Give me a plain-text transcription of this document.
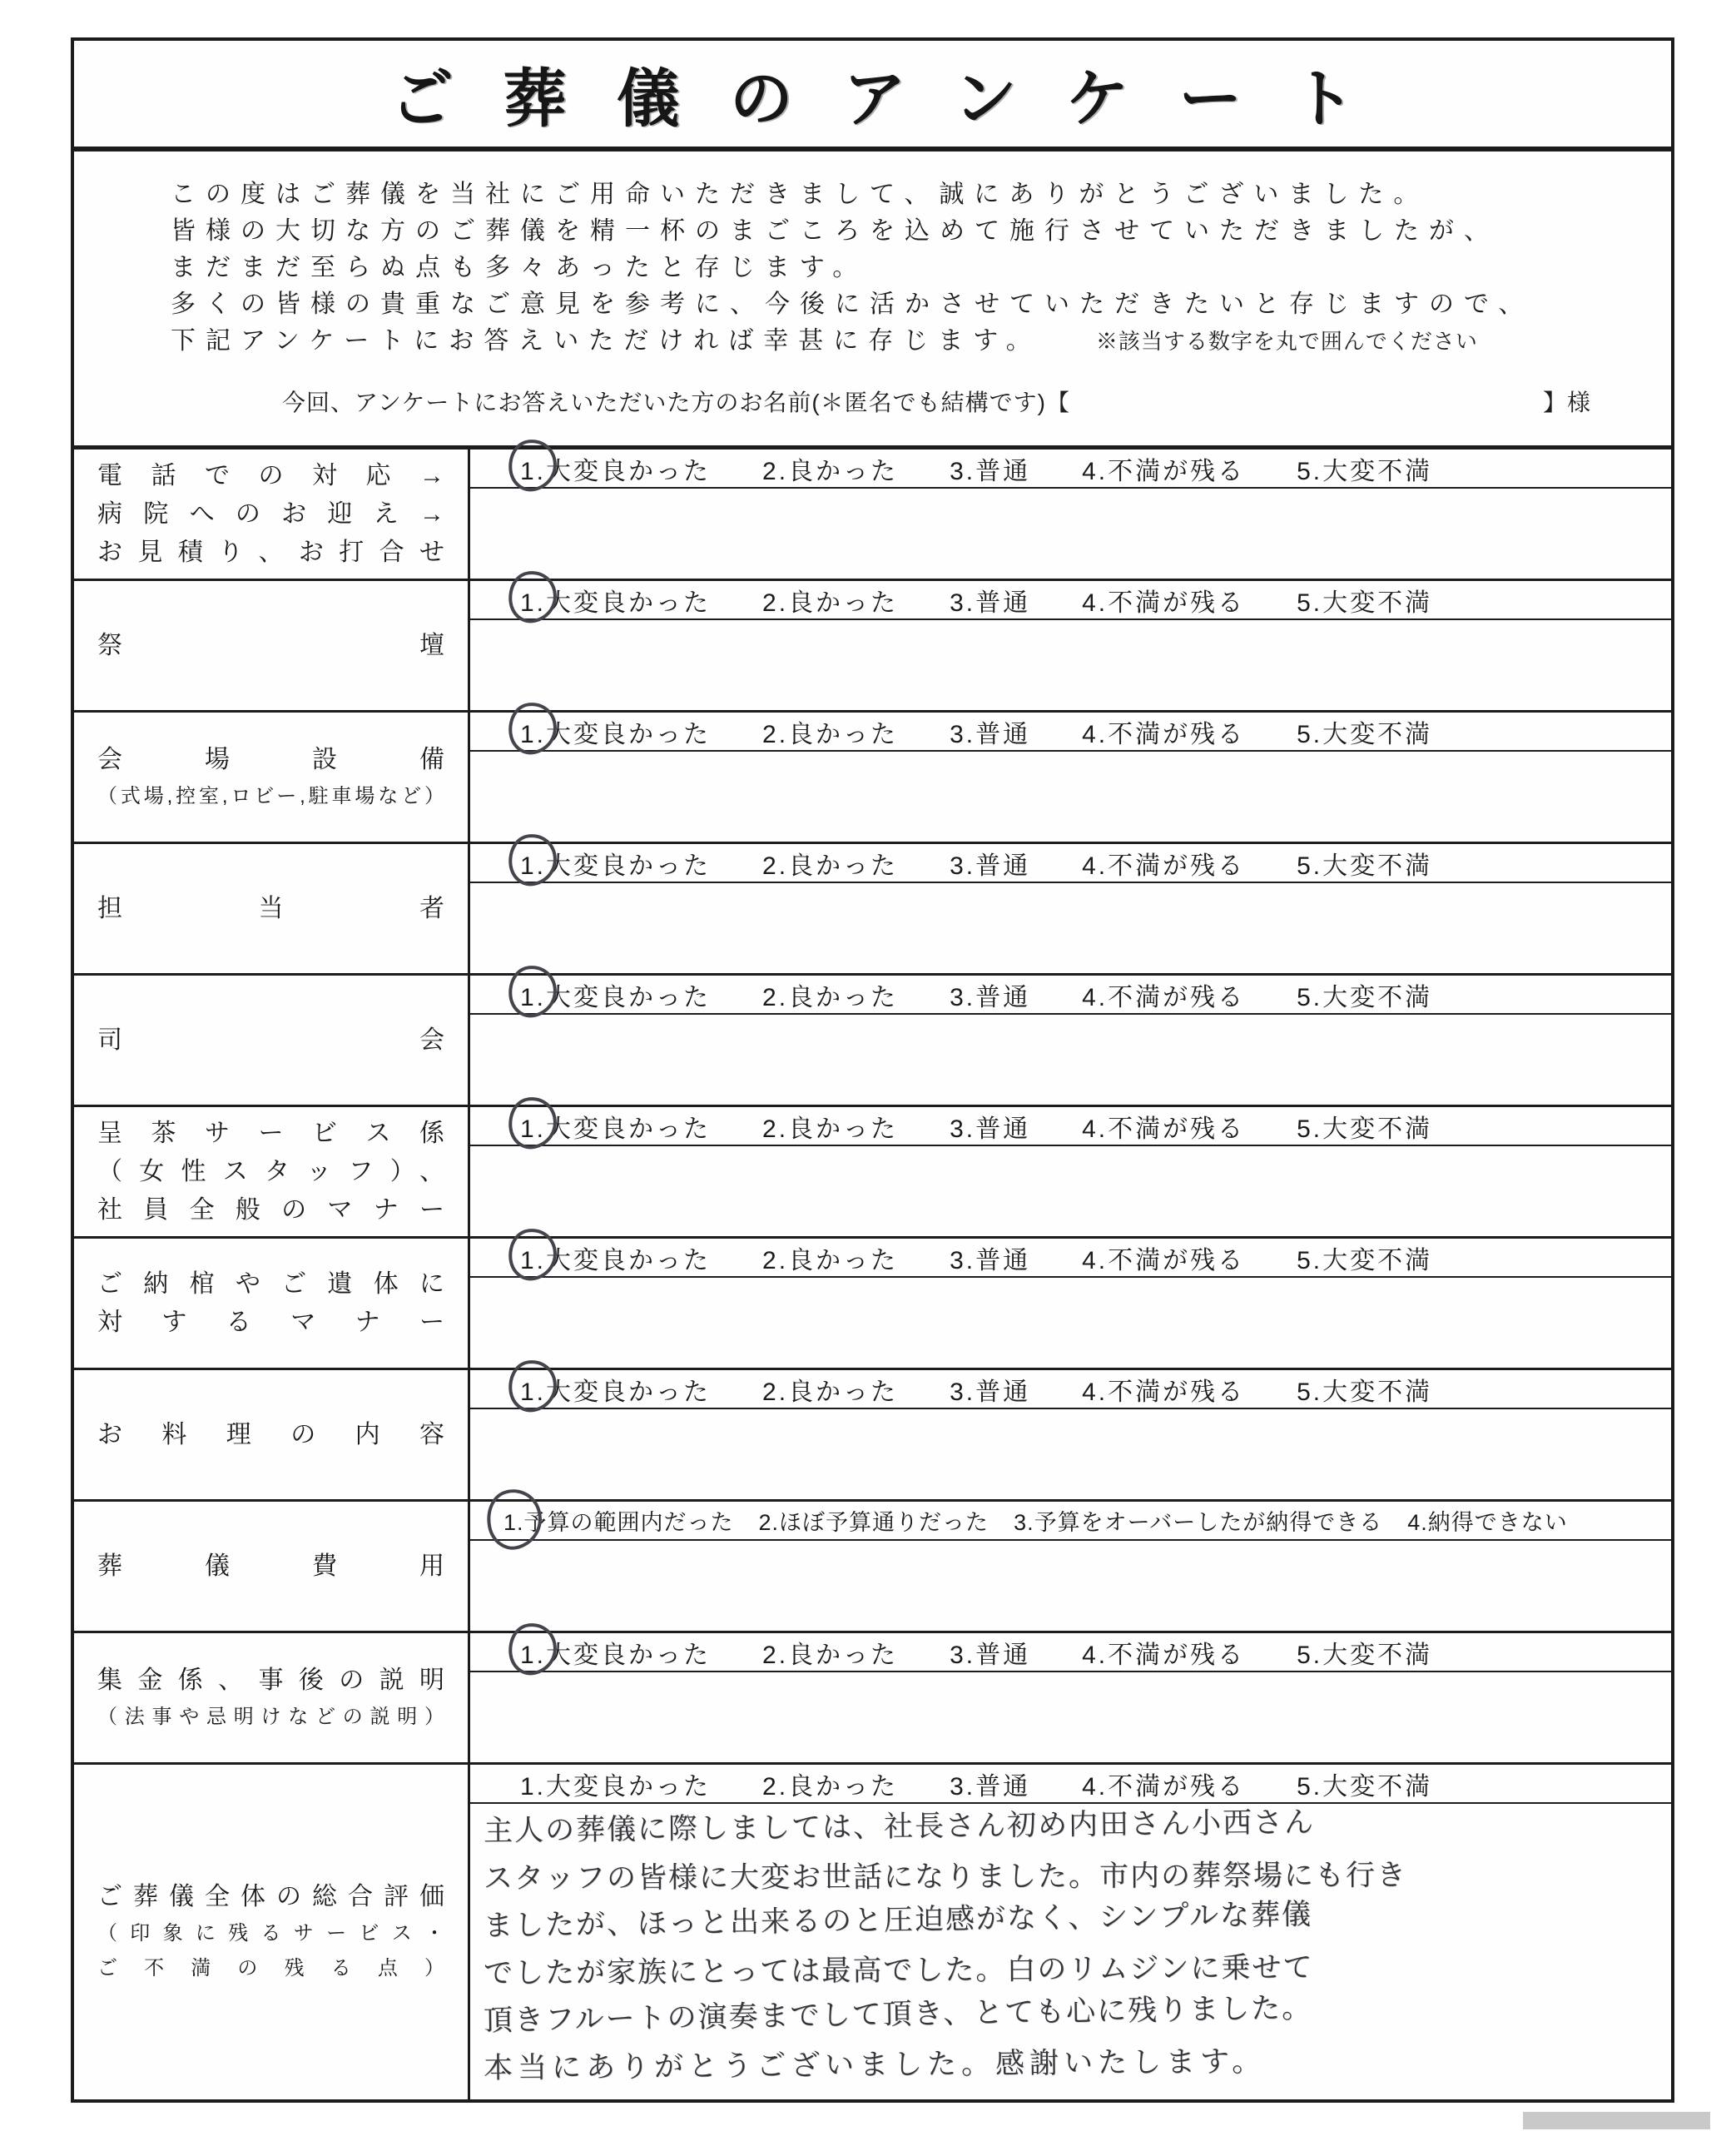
ご葬儀のアンケート

この度はご葬儀を当社にご用命いただきまして、誠にありがとうございました。

皆様の大切な方のご葬儀を精一杯のまごころを込めて施行させていただきましたが、

まだまだ至らぬ点も多々あったと存じます。

多くの皆様の貴重なご意見を参考に、今後に活かさせていただきたいと存じますので、

下記アンケートにお答えいただければ幸甚に存じます。	※該当する数字を丸で囲んでください

今回、アンケートにお答えいただいた方のお名前(＊匿名でも結構です)【	】様
電話での対応→
病院へのお迎え→
お見積り、お打合せ
1.大変良かった 2.良かった 3.普通 4.不満が残る 5.大変不満
祭壇
1.大変良かった 2.良かった 3.普通 4.不満が残る 5.大変不満
会場設備
（式場,控室,ロビー,駐車場など）
1.大変良かった 2.良かった 3.普通 4.不満が残る 5.大変不満
担当者
1.大変良かった 2.良かった 3.普通 4.不満が残る 5.大変不満
司会
1.大変良かった 2.良かった 3.普通 4.不満が残る 5.大変不満
呈茶サービス係
（女性スタッフ）、
社員全般のマナー
1.大変良かった 2.良かった 3.普通 4.不満が残る 5.大変不満
ご納棺やご遺体に
対するマナー
1.大変良かった 2.良かった 3.普通 4.不満が残る 5.大変不満
お料理の内容
1.大変良かった 2.良かった 3.普通 4.不満が残る 5.大変不満
葬儀費用
1.予算の範囲内だった 2.ほぼ予算通りだった 3.予算をオーバーしたが納得できる 4.納得できない
集金係、事後の説明
（法事や忌明けなどの説明）
1.大変良かった 2.良かった 3.普通 4.不満が残る 5.大変不満
ご葬儀全体の総合評価
（印象に残るサービス・
ご不満の残る点）
1.大変良かった 2.良かった 3.普通 4.不満が残る 5.大変不満
主人の葬儀に際しましては、社長さん初め内田さん小西さん
スタッフの皆様に大変お世話になりました。市内の葬祭場にも行き
ましたが、ほっと出来るのと圧迫感がなく、シンプルな葬儀
でしたが家族にとっては最高でした。白のリムジンに乗せて
頂きフルートの演奏までして頂き、とても心に残りました。
本当にありがとうございました。感謝いたします。
